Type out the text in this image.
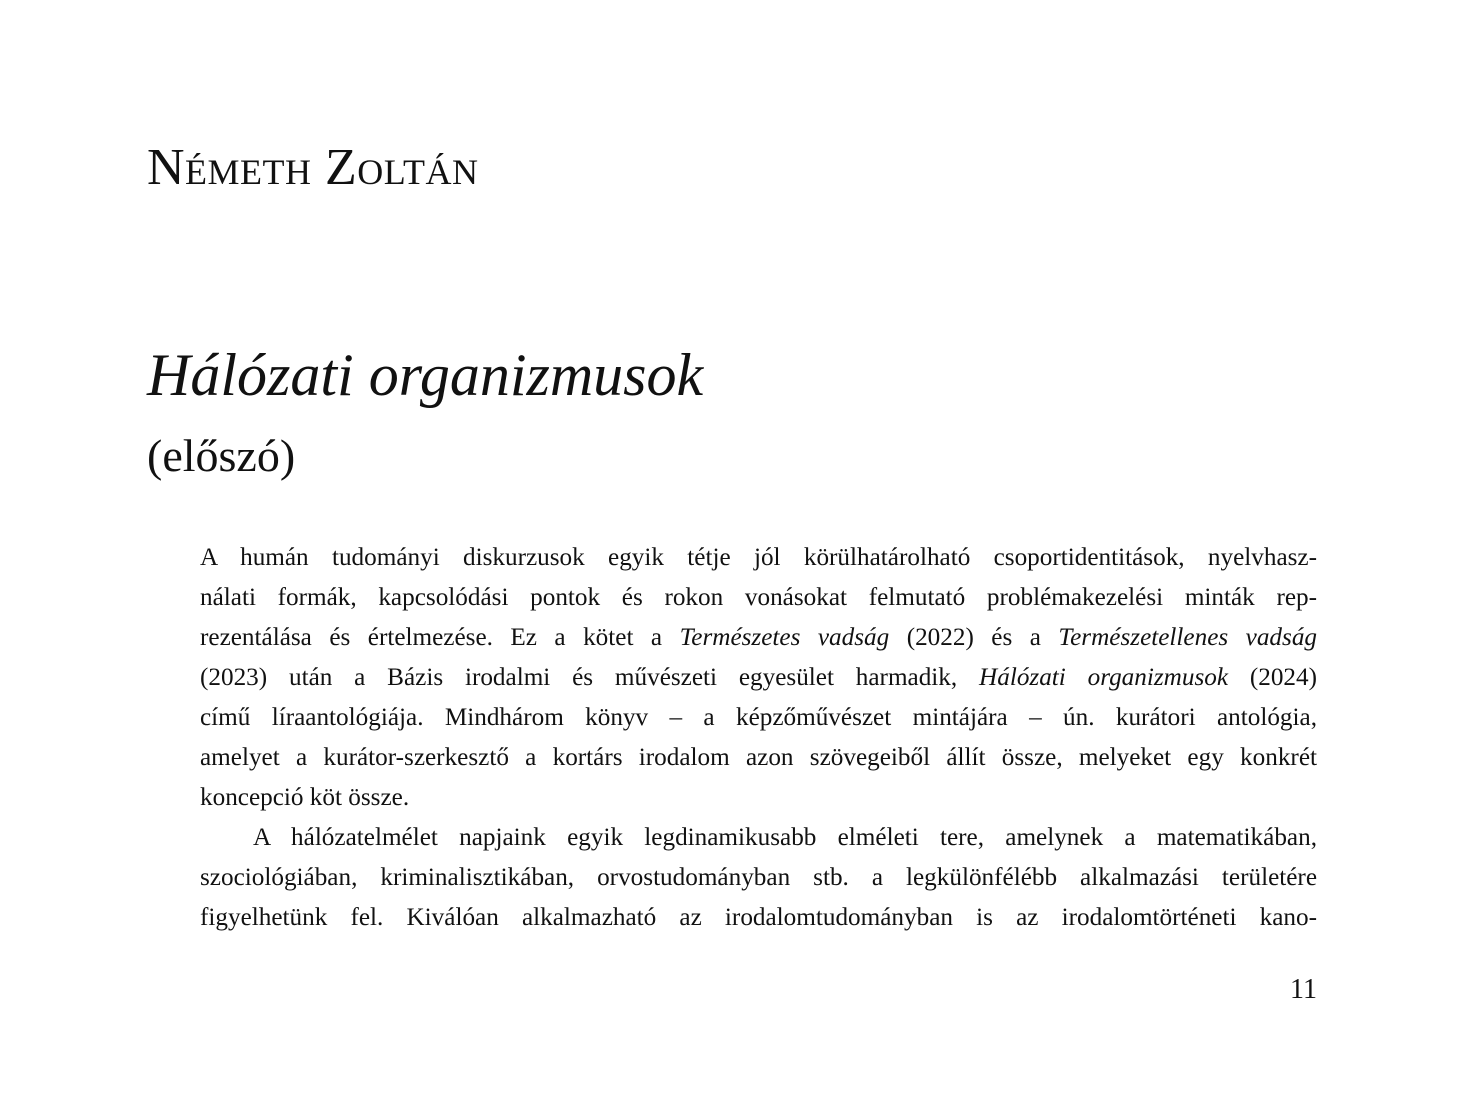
Németh Zoltán
Hálózati organizmusok
(előszó)
A humán tudományi diskurzusok egyik tétje jól körülhatárolható csoportidentitások, nyelvhasz-
nálati formák, kapcsolódási pontok és rokon vonásokat felmutató problémakezelési minták rep-
rezentálása és értelmezése. Ez a kötet a Természetes vadság (2022) és a Természetellenes vadság
(2023) után a Bázis irodalmi és művészeti egyesület harmadik, Hálózati organizmusok (2024)
című líraantológiája. Mindhárom könyv – a képzőművészet mintájára – ún. kurátori antológia,
amelyet a kurátor-szerkesztő a kortárs irodalom azon szövegeiből állít össze, melyeket egy konkrét
koncepció köt össze.
A hálózatelmélet napjaink egyik legdinamikusabb elméleti tere, amelynek a matematikában,
szociológiában, kriminalisztikában, orvostudományban stb. a legkülönfélébb alkalmazási területére
figyelhetünk fel. Kiválóan alkalmazható az irodalomtudományban is az irodalomtörténeti kano-
11
